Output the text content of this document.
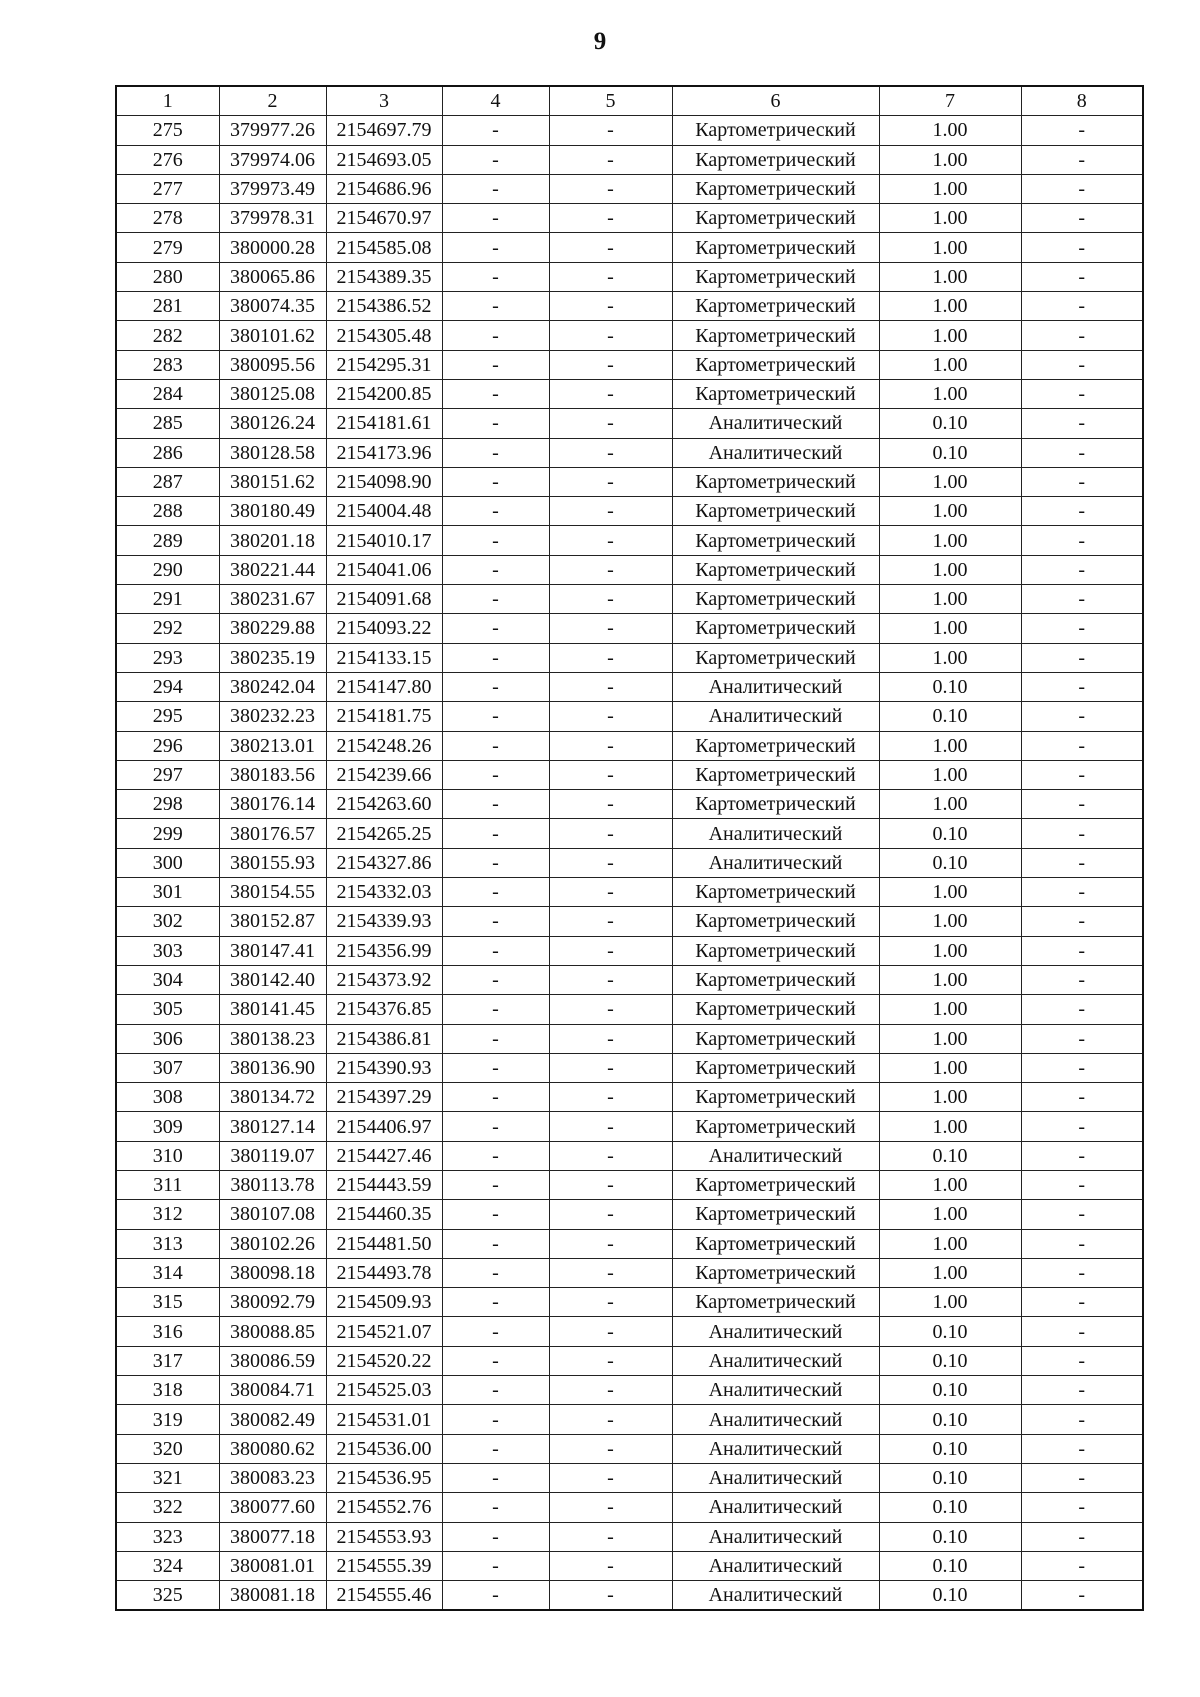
9
1	2	3	4	5	6	7	8
275	379977.26	2154697.79	-	-	Картометрический	1.00	-
276	379974.06	2154693.05	-	-	Картометрический	1.00	-
277	379973.49	2154686.96	-	-	Картометрический	1.00	-
278	379978.31	2154670.97	-	-	Картометрический	1.00	-
279	380000.28	2154585.08	-	-	Картометрический	1.00	-
280	380065.86	2154389.35	-	-	Картометрический	1.00	-
281	380074.35	2154386.52	-	-	Картометрический	1.00	-
282	380101.62	2154305.48	-	-	Картометрический	1.00	-
283	380095.56	2154295.31	-	-	Картометрический	1.00	-
284	380125.08	2154200.85	-	-	Картометрический	1.00	-
285	380126.24	2154181.61	-	-	Аналитический	0.10	-
286	380128.58	2154173.96	-	-	Аналитический	0.10	-
287	380151.62	2154098.90	-	-	Картометрический	1.00	-
288	380180.49	2154004.48	-	-	Картометрический	1.00	-
289	380201.18	2154010.17	-	-	Картометрический	1.00	-
290	380221.44	2154041.06	-	-	Картометрический	1.00	-
291	380231.67	2154091.68	-	-	Картометрический	1.00	-
292	380229.88	2154093.22	-	-	Картометрический	1.00	-
293	380235.19	2154133.15	-	-	Картометрический	1.00	-
294	380242.04	2154147.80	-	-	Аналитический	0.10	-
295	380232.23	2154181.75	-	-	Аналитический	0.10	-
296	380213.01	2154248.26	-	-	Картометрический	1.00	-
297	380183.56	2154239.66	-	-	Картометрический	1.00	-
298	380176.14	2154263.60	-	-	Картометрический	1.00	-
299	380176.57	2154265.25	-	-	Аналитический	0.10	-
300	380155.93	2154327.86	-	-	Аналитический	0.10	-
301	380154.55	2154332.03	-	-	Картометрический	1.00	-
302	380152.87	2154339.93	-	-	Картометрический	1.00	-
303	380147.41	2154356.99	-	-	Картометрический	1.00	-
304	380142.40	2154373.92	-	-	Картометрический	1.00	-
305	380141.45	2154376.85	-	-	Картометрический	1.00	-
306	380138.23	2154386.81	-	-	Картометрический	1.00	-
307	380136.90	2154390.93	-	-	Картометрический	1.00	-
308	380134.72	2154397.29	-	-	Картометрический	1.00	-
309	380127.14	2154406.97	-	-	Картометрический	1.00	-
310	380119.07	2154427.46	-	-	Аналитический	0.10	-
311	380113.78	2154443.59	-	-	Картометрический	1.00	-
312	380107.08	2154460.35	-	-	Картометрический	1.00	-
313	380102.26	2154481.50	-	-	Картометрический	1.00	-
314	380098.18	2154493.78	-	-	Картометрический	1.00	-
315	380092.79	2154509.93	-	-	Картометрический	1.00	-
316	380088.85	2154521.07	-	-	Аналитический	0.10	-
317	380086.59	2154520.22	-	-	Аналитический	0.10	-
318	380084.71	2154525.03	-	-	Аналитический	0.10	-
319	380082.49	2154531.01	-	-	Аналитический	0.10	-
320	380080.62	2154536.00	-	-	Аналитический	0.10	-
321	380083.23	2154536.95	-	-	Аналитический	0.10	-
322	380077.60	2154552.76	-	-	Аналитический	0.10	-
323	380077.18	2154553.93	-	-	Аналитический	0.10	-
324	380081.01	2154555.39	-	-	Аналитический	0.10	-
325	380081.18	2154555.46	-	-	Аналитический	0.10	-
